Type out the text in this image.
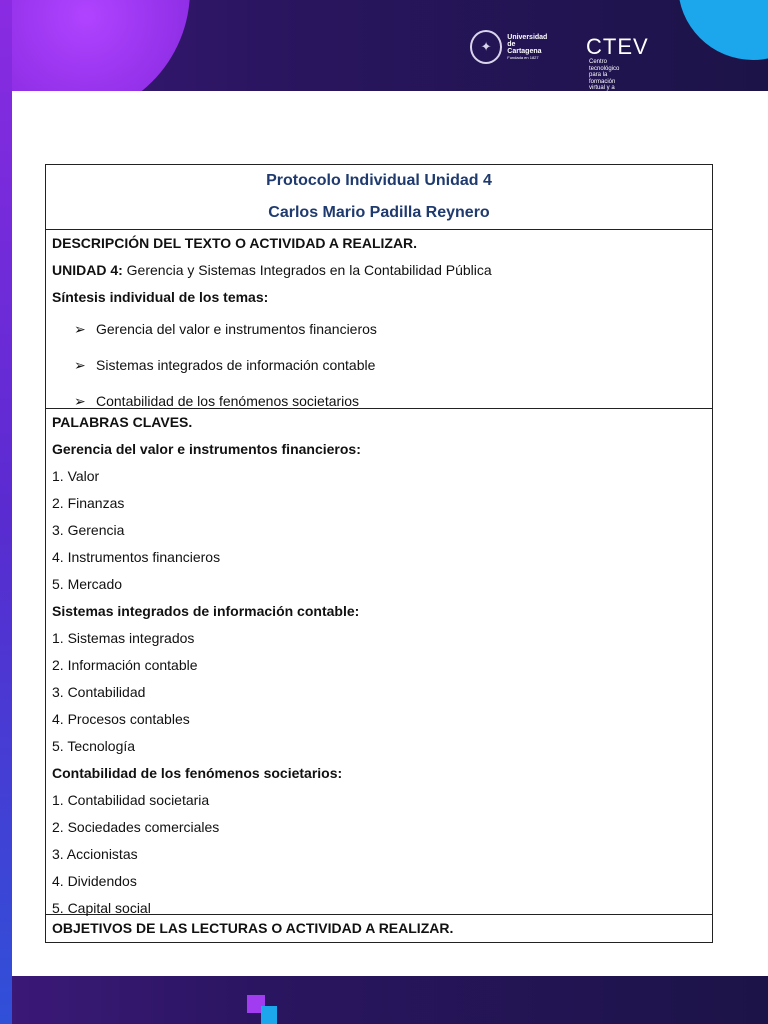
✦
Universidad
de Cartagena
Fundada en 1827	CTEV Centro tecnológico para la formación virtual y a
Protocolo Individual Unidad 4
Carlos Mario Padilla Reynero
DESCRIPCIÓN DEL TEXTO O ACTIVIDAD A REALIZAR.
UNIDAD 4: Gerencia y Sistemas Integrados en la Contabilidad Pública
Síntesis individual de los temas:
➢ Gerencia del valor e instrumentos financieros
➢ Sistemas integrados de información contable
➢ Contabilidad de los fenómenos societarios
PALABRAS CLAVES.
Gerencia del valor e instrumentos financieros:
1. Valor
2. Finanzas
3. Gerencia
4. Instrumentos financieros
5. Mercado
Sistemas integrados de información contable:
1. Sistemas integrados
2. Información contable
3. Contabilidad
4. Procesos contables
5. Tecnología
Contabilidad de los fenómenos societarios:
1. Contabilidad societaria
2. Sociedades comerciales
3. Accionistas
4. Dividendos
5. Capital social
OBJETIVOS DE LAS LECTURAS O ACTIVIDAD A REALIZAR.
